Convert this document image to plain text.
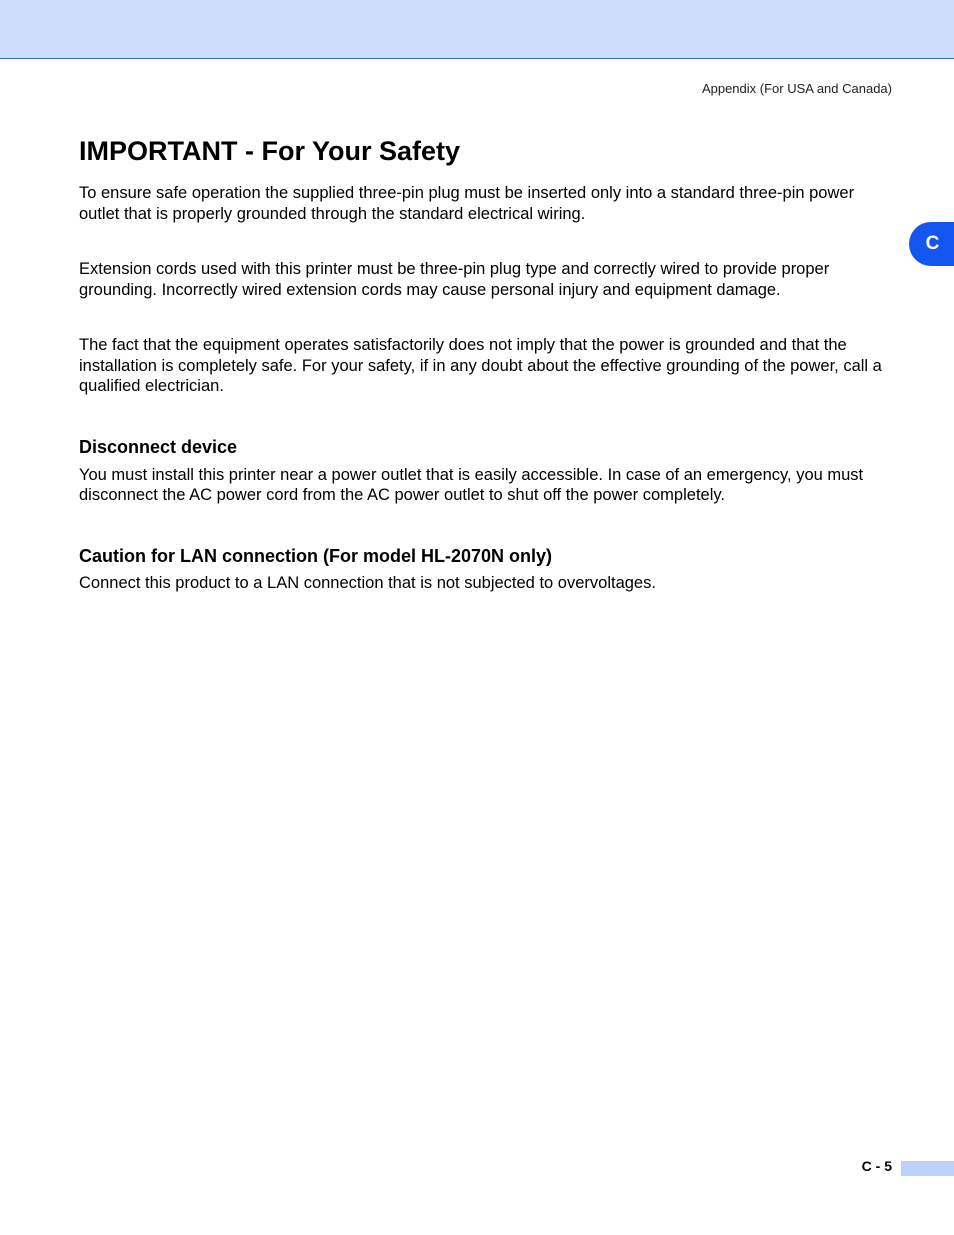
Appendix (For USA and Canada)
C
IMPORTANT - For Your Safety

To ensure safe operation the supplied three-pin plug must be inserted only into a standard three-pin power outlet that is properly grounded through the standard electrical wiring.

Extension cords used with this printer must be three-pin plug type and correctly wired to provide proper grounding. Incorrectly wired extension cords may cause personal injury and equipment damage.

The fact that the equipment operates satisfactorily does not imply that the power is grounded and that the installation is completely safe. For your safety, if in any doubt about the effective grounding of the power, call a qualified electrician.

Disconnect device

You must install this printer near a power outlet that is easily accessible. In case of an emergency, you must disconnect the AC power cord from the AC power outlet to shut off the power completely.

Caution for LAN connection (For model HL-2070N only)

Connect this product to a LAN connection that is not subjected to overvoltages.

C - 5
